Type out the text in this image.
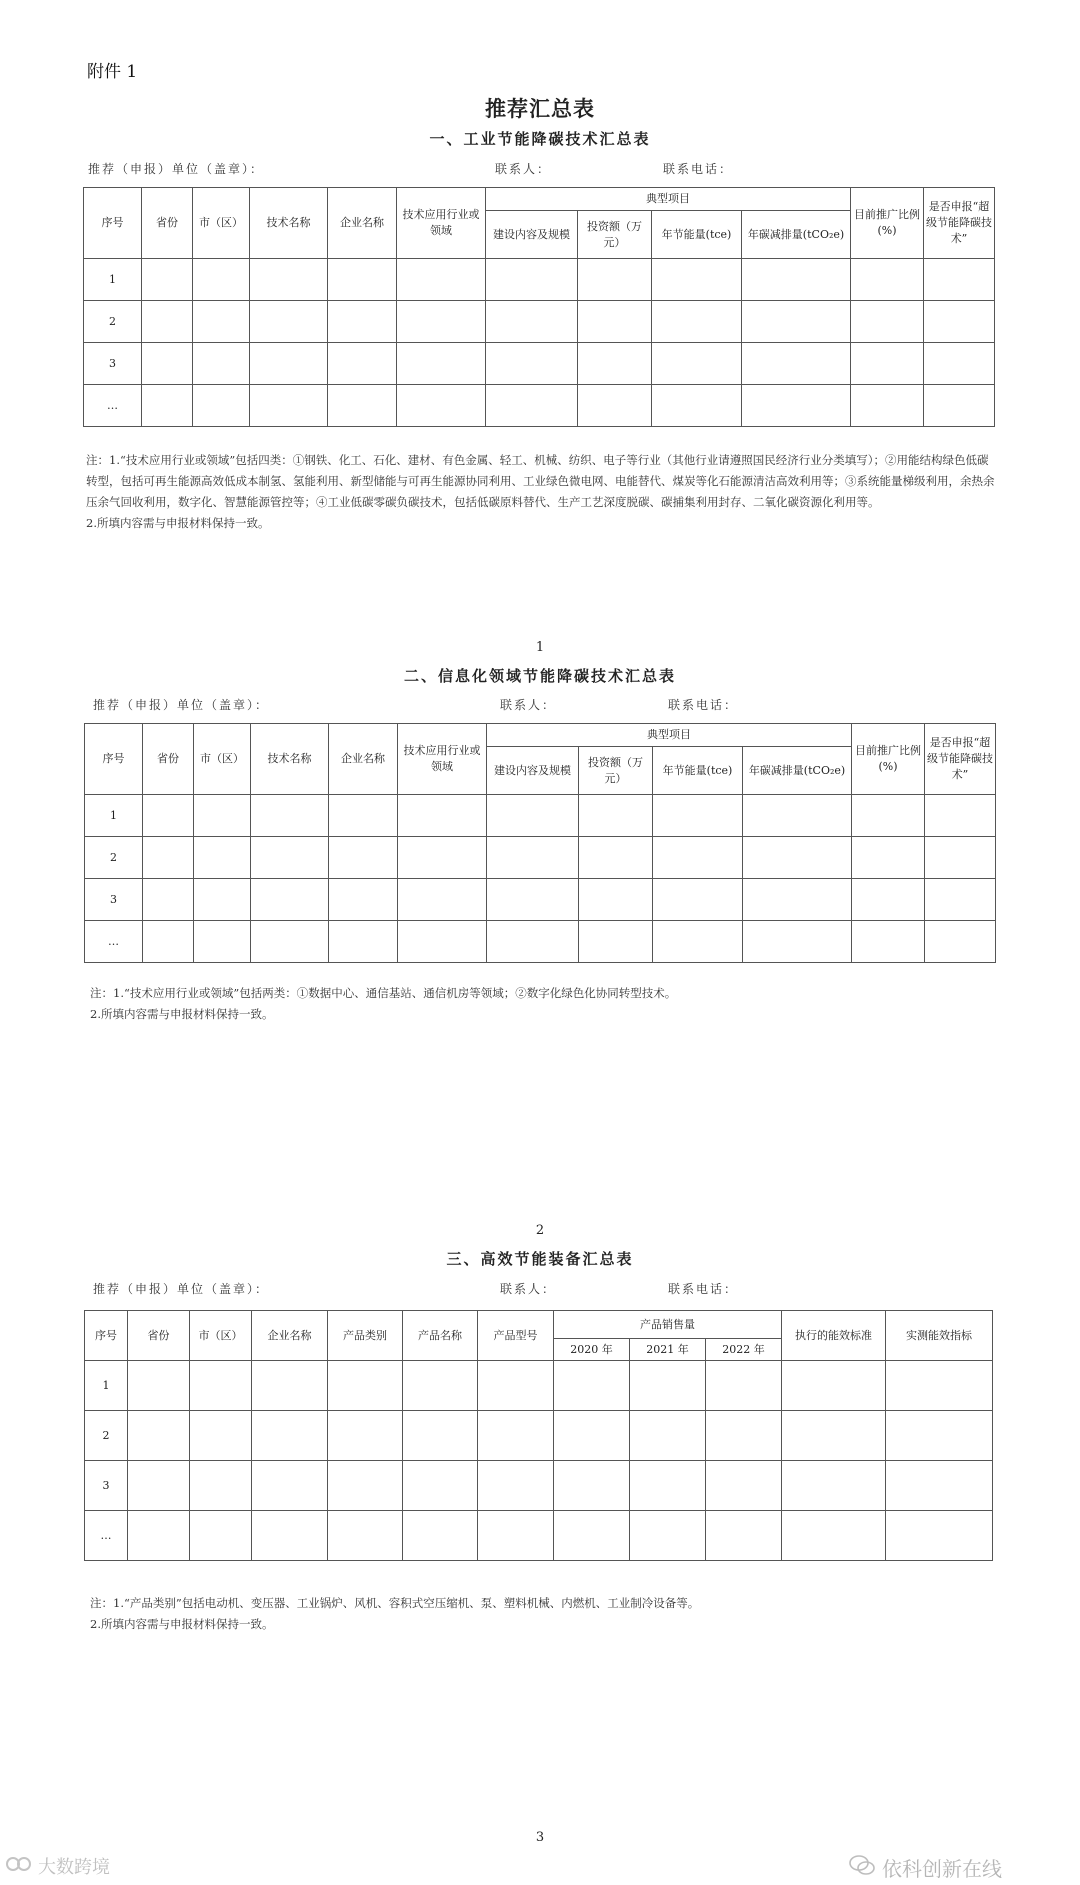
附件 1
推荐汇总表
一、工业节能降碳技术汇总表
推荐（申报）单位（盖章）：	联系人：	联系电话：
序号	省份	市（区）	技术名称	企业名称	技术应用行业或领域	典型项目				目前推广比例(%)	是否申报“超级节能降碳技术”
						建设内容及规模	投资额（万元）	年节能量(tce)	年碳减排量(tCO₂e)		
1											
2											
3											
…											
注：1.“技术应用行业或领域”包括四类：①钢铁、化工、石化、建材、有色金属、轻工、机械、纺织、电子等行业（其他行业请遵照国民经济行业分类填写）；②用能结构绿色低碳转型，包括可再生能源高效低成本制氢、氢能利用、新型储能与可再生能源协同利用、工业绿色微电网、电能替代、煤炭等化石能源清洁高效利用等；③系统能量梯级利用，余热余压余气回收利用，数字化、智慧能源管控等；④工业低碳零碳负碳技术，包括低碳原料替代、生产工艺深度脱碳、碳捕集利用封存、二氧化碳资源化利用等。
2.所填内容需与申报材料保持一致。
1
二、信息化领域节能降碳技术汇总表
推荐（申报）单位（盖章）：	联系人：	联系电话：
序号	省份	市（区）	技术名称	企业名称	技术应用行业或领域	典型项目				目前推广比例(%)	是否申报“超级节能降碳技术”
						建设内容及规模	投资额（万元）	年节能量(tce)	年碳减排量(tCO₂e)		
1											
2											
3											
…											
注：1.“技术应用行业或领域”包括两类：①数据中心、通信基站、通信机房等领域；②数字化绿色化协同转型技术。
2.所填内容需与申报材料保持一致。
2
三、高效节能装备汇总表
推荐（申报）单位（盖章）：	联系人：	联系电话：
序号	省份	市（区）	企业名称	产品类别	产品名称	产品型号	产品销售量			执行的能效标准	实测能效指标
							2020 年	2021 年	2022 年		
1											
2											
3											
…											
注：1.“产品类别”包括电动机、变压器、工业锅炉、风机、容积式空压缩机、泵、塑料机械、内燃机、工业制冷设备等。
2.所填内容需与申报材料保持一致。
3
大数跨境	依科创新在线
